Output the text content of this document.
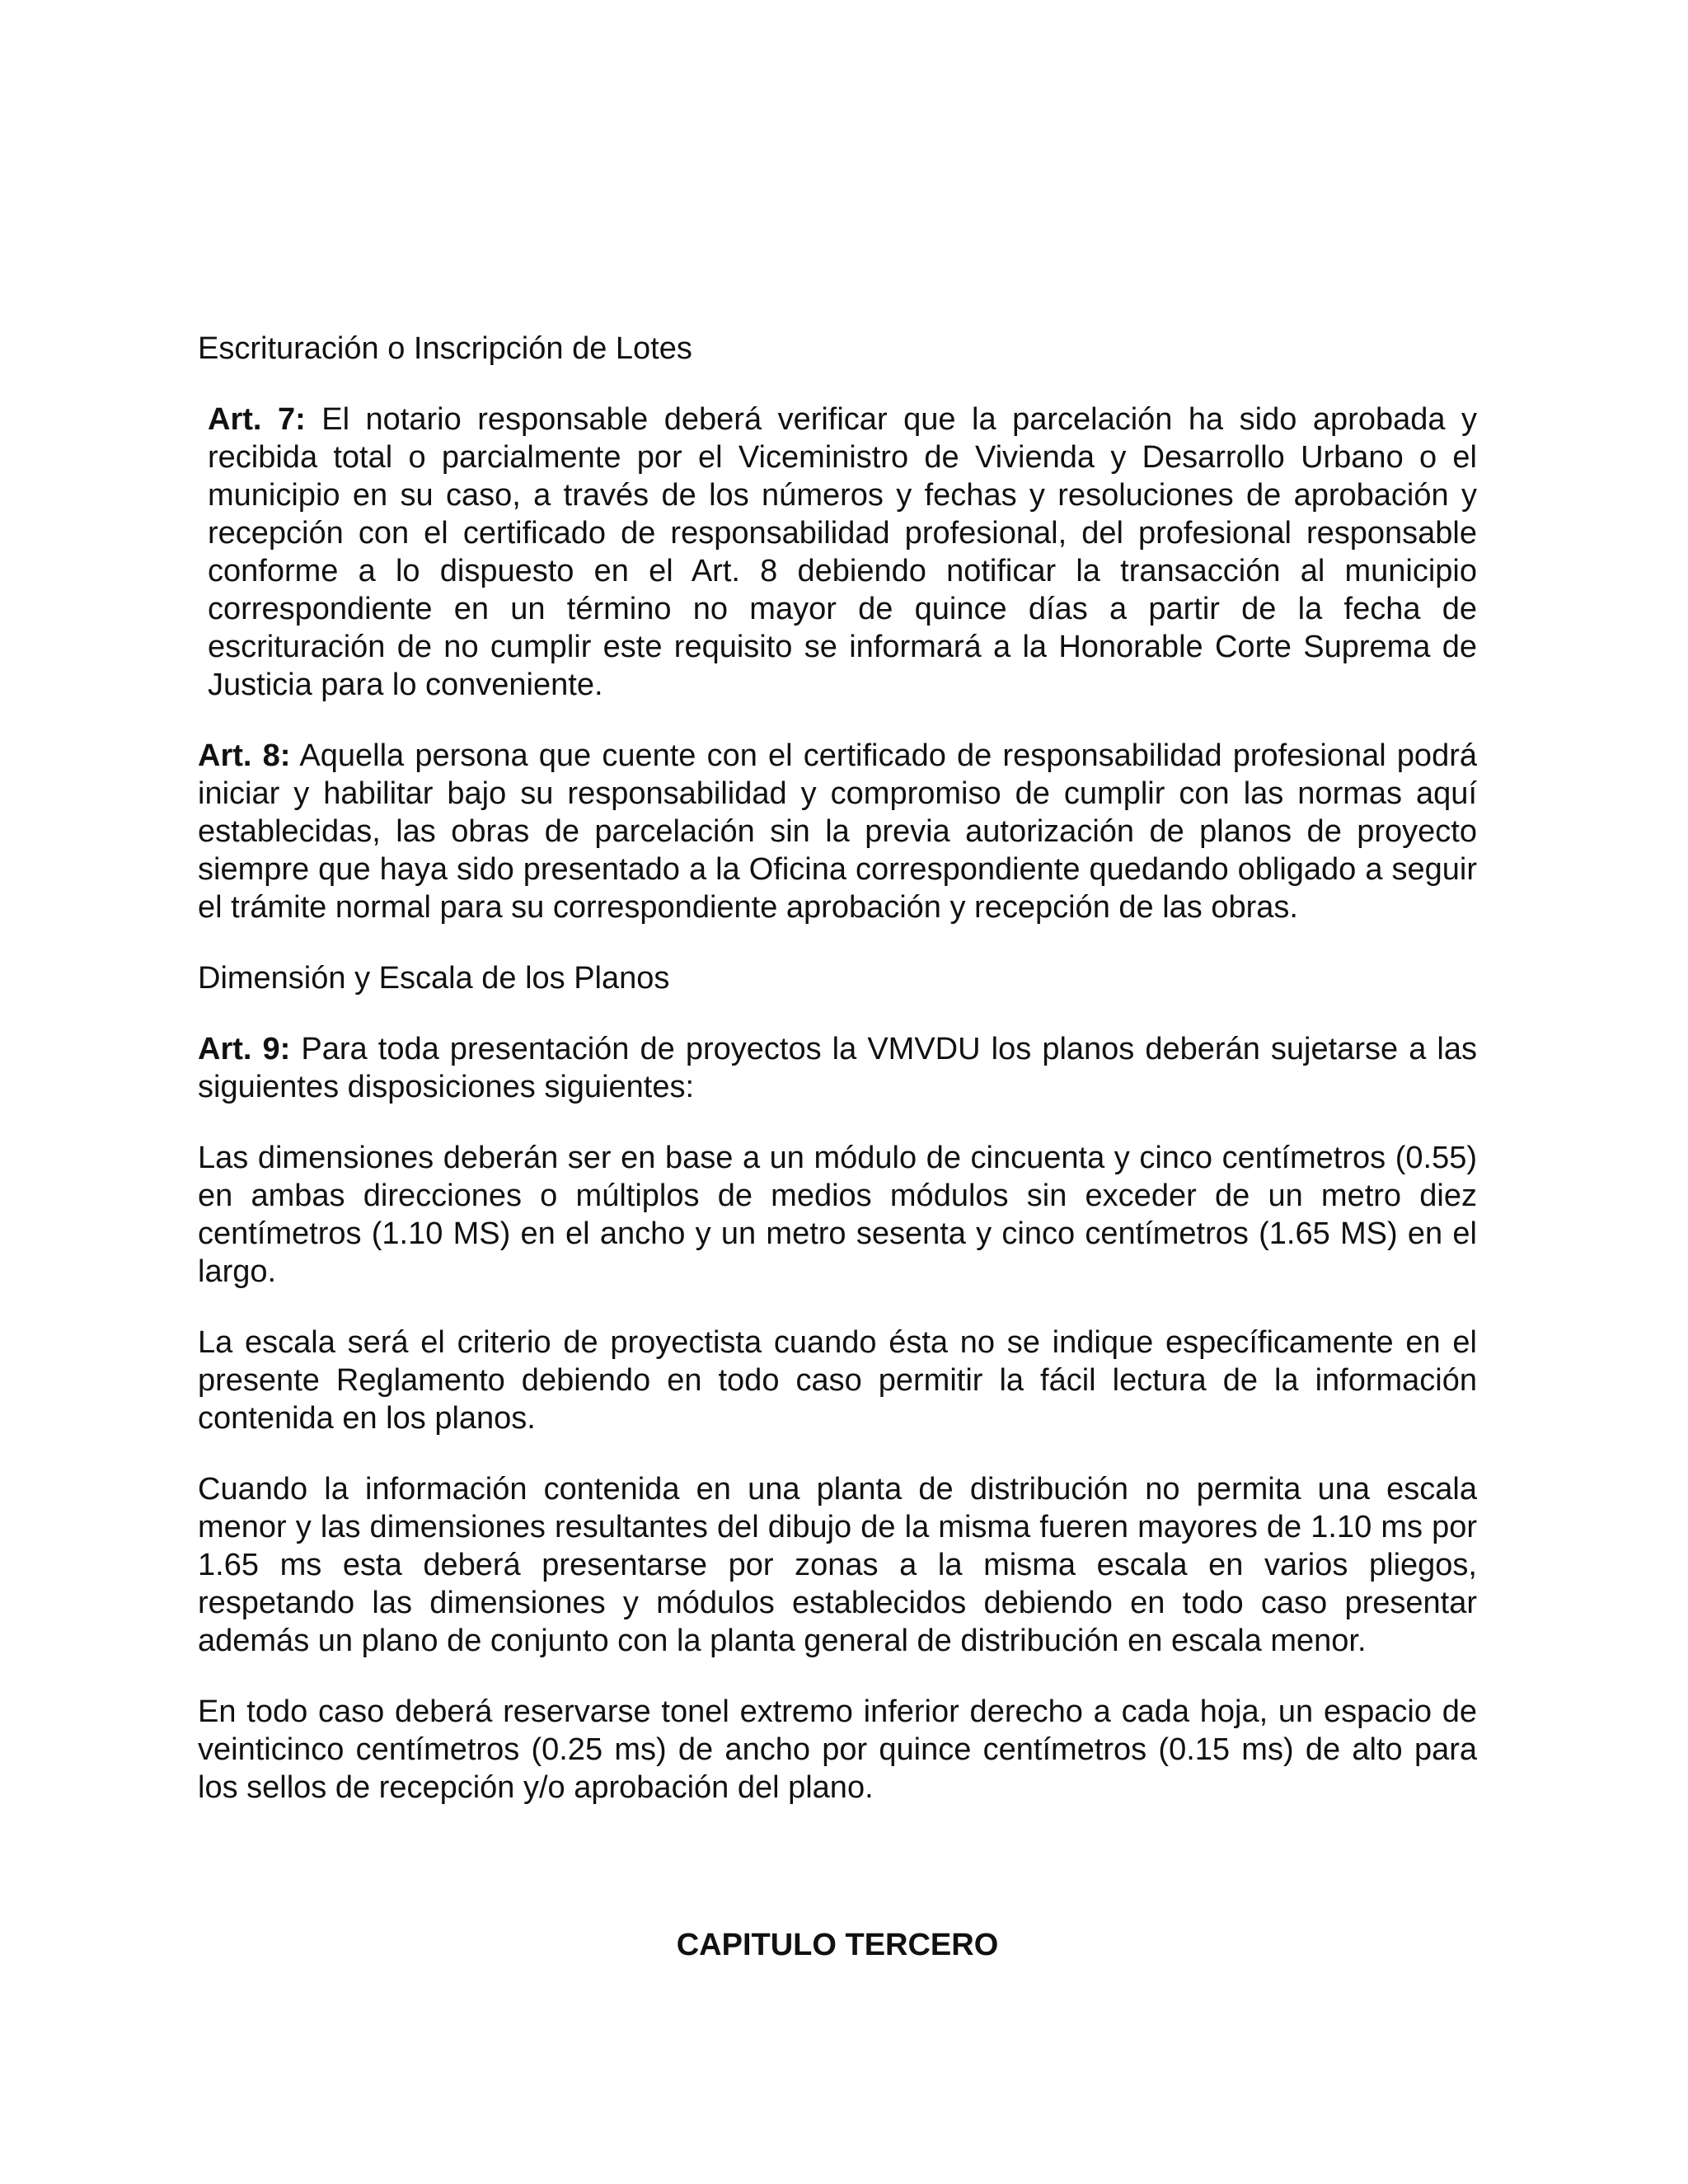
Escrituración o Inscripción de Lotes

Art. 7: El notario responsable deberá verificar que la parcelación ha sido aprobada y recibida total o parcialmente por el Viceministro de Vivienda y Desarrollo Urbano o el municipio en su caso, a través de los números y fechas y resoluciones de aprobación y recepción con el certificado de responsabilidad profesional, del profesional responsable conforme a lo dispuesto en el Art. 8 debiendo notificar la transacción al municipio correspondiente en un término no mayor de quince días a partir de la fecha de escrituración de no cumplir este requisito se informará a la Honorable Corte Suprema de Justicia para lo conveniente.

Art. 8: Aquella persona que cuente con el certificado de responsabilidad profesional podrá iniciar y habilitar bajo su responsabilidad y compromiso de cumplir con las normas aquí establecidas, las obras de parcelación sin la previa autorización de planos de proyecto siempre que haya sido presentado a la Oficina correspondiente quedando obligado a seguir el trámite normal para su correspondiente aprobación y recepción de las obras.

Dimensión y Escala de los Planos

Art. 9: Para toda presentación de proyectos la VMVDU los planos deberán sujetarse a las siguientes disposiciones siguientes:

Las dimensiones deberán ser en base a un módulo de cincuenta y cinco centímetros (0.55) en ambas direcciones o múltiplos de medios módulos sin exceder de un metro diez centímetros (1.10 MS) en el ancho y un metro sesenta y cinco centímetros (1.65 MS) en el largo.

La escala será el criterio de proyectista cuando ésta no se indique específicamente en el presente Reglamento debiendo en todo caso permitir la fácil lectura de la información contenida en los planos.

Cuando la información contenida en una planta de distribución no permita una escala menor y las dimensiones resultantes del dibujo de la misma fueren mayores de 1.10 ms por 1.65 ms esta deberá presentarse por zonas a la misma escala en varios pliegos, respetando las dimensiones y módulos establecidos debiendo en todo caso presentar además un plano de conjunto con la planta general de distribución en escala menor.

En todo caso deberá reservarse tonel extremo inferior derecho a cada hoja, un espacio de veinticinco centímetros (0.25 ms) de ancho por quince centímetros (0.15 ms) de alto para los sellos de recepción y/o aprobación del plano.

CAPITULO TERCERO
